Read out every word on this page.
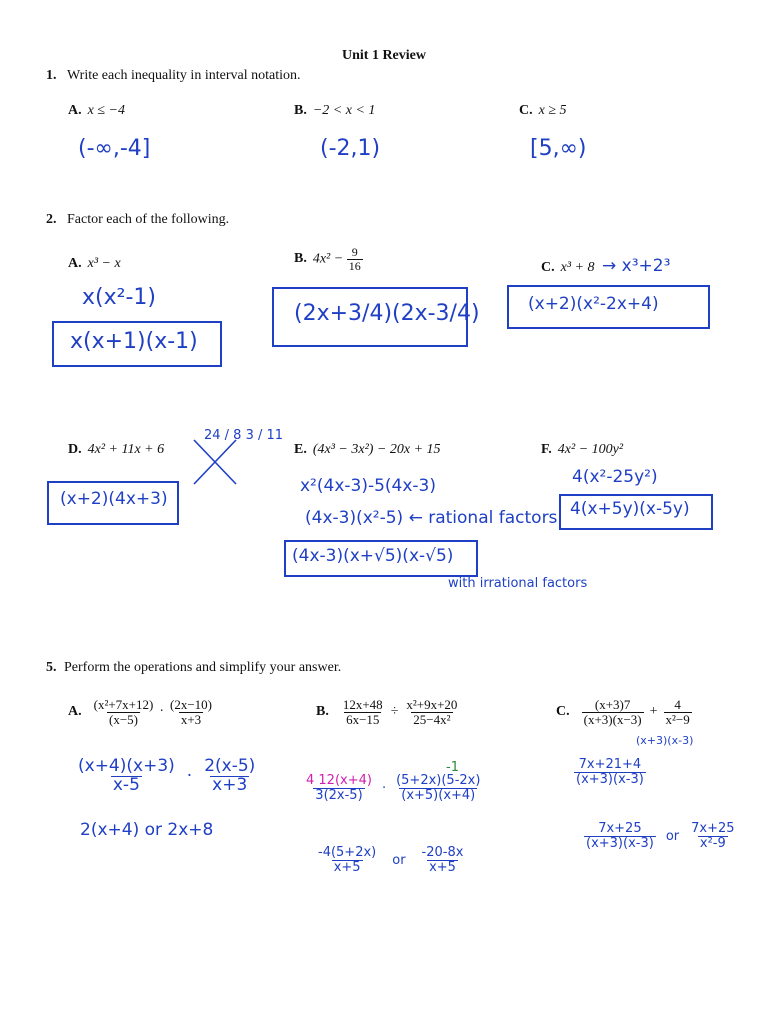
Unit 1 Review
1. Write each inequality in interval notation.
A. x ≤ −4	B. −2 < x < 1	C. x ≥ 5
(-∞,-4]	(-2,1)	[5,∞)
2. Factor each of the following.
A. x³ − x	B. $4x^2 - \frac{9}{16}$	C. x³ + 8 → x³+2³
x(x²-1)
x(x+1)(x-1)
(2x+3/4)(2x-3/4)	(x+2)(x²-2x+4)
D. 4x² + 11x + 6
24 / 8 3 / 11
(x+2)(4x+3)
E. (4x³ − 3x²) − 20x + 15
x²(4x-3)-5(4x-3)
(4x-3)(x²-5) ← rational factors
(4x-3)(x+√5)(x-√5)
with irrational factors
F. 4x² − 100y²
4(x²-25y²)
4(x+5y)(x-5y)
5. Perform the operations and simplify your answer.
A. $\frac{\text{(x²+7x+12)}}{(x-5)} \cdot \frac{(2x-10)}{x+3}$
$\frac{(x+4)(x+3)}{x-5} \cdot \frac{2(x-5)}{x+3}$
2(x+4) or 2x+8
B. $\frac{12x+48}{6x-15} \div \frac{\text{x²+9x+20}}{\text{25−4x²}}$
-1
$\frac{4 12(x+4)}{3(2x-5)} \cdot \frac{(5+2x)(5-2x)}{(x+5)(x+4)}$
$\frac{-4(5+2x)}{x+5}$ or $\frac{-20-8x}{x+5}$
C. $\frac{(x+3)7}{(x+3)(x-3)} + \frac{4}{\text{x²−9}}$
(x+3)(x-3)
$\frac{7x+21+4}{(x+3)(x-3)}$
$\frac{7x+25}{(x+3)(x-3)}$ or $\frac{7x+25}{\text{x²-9}}$
